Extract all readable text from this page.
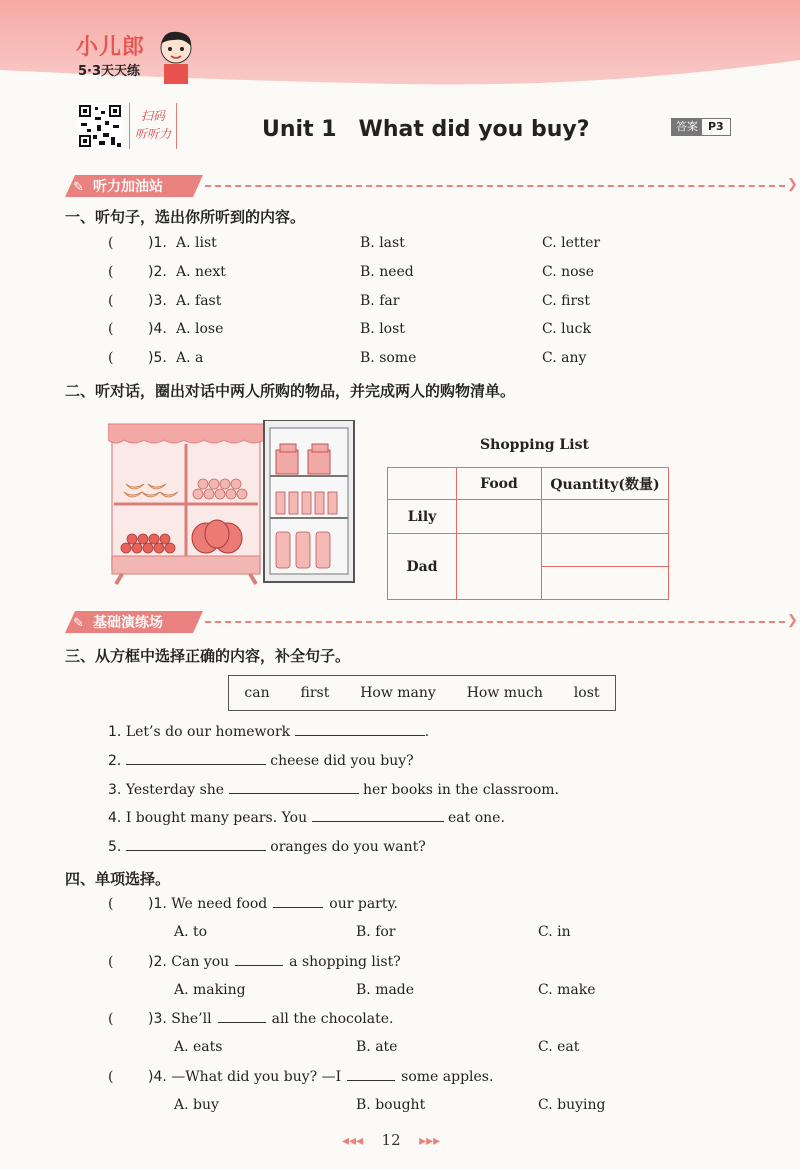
小儿郎
5·3天天练
扫码
听听力	Unit 1　What did you buy?	答案 P3
✎ 听力加油站	❯
一、听句子，选出你所听到的内容。
( )1. A. list	B. last	C. letter
( )2. A. next	B. need	C. nose
( )3. A. fast	B. far	C. first
( )4. A. lose	B. lost	C. luck
( )5. A. a	B. some	C. any
二、听对话，圈出对话中两人所购的物品，并完成两人的购物清单。
Shopping List
	Food	Quantity(数量)
Lily		
Dad		

✎ 基础演练场	❯
三、从方框中选择正确的内容，补全句子。
can first How many How much lost
1. Let’s do our homework	.
2.	cheese did you buy?
3. Yesterday she	her books in the classroom.
4. I bought many pears. You	eat one.
5.	oranges do you want?
四、单项选择。
( )1. We need food	our party.
A. to	B. for	C. in
( )2. Can you	a shopping list?
A. making	B. made	C. make
( )3. She’ll	all the chocolate.
A. eats	B. ate	C. eat
( )4. —What did you buy? —I	some apples.
A. buy	B. bought	C. buying
◂◂◂ 12 ▸▸▸
